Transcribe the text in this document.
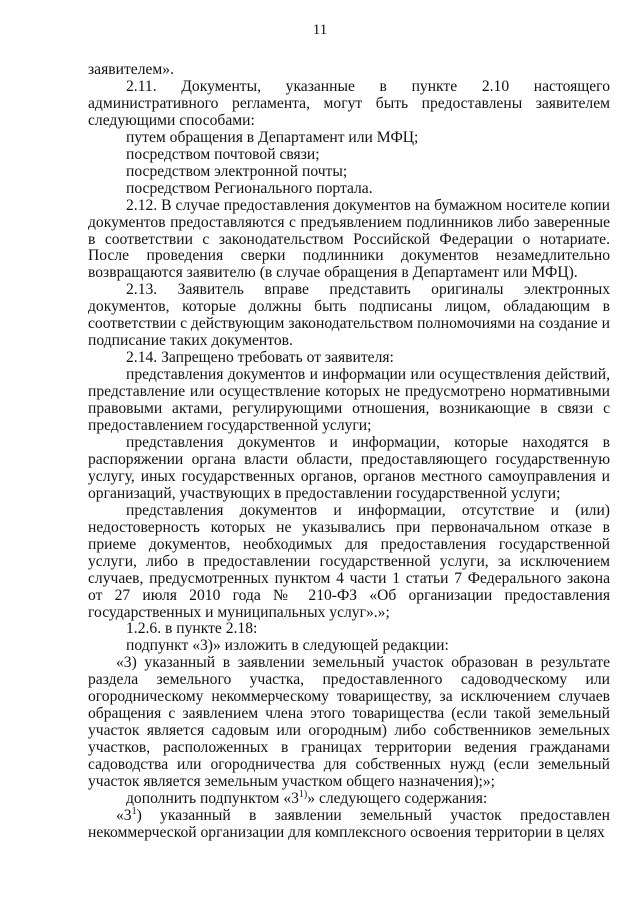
11

заявителем».

2.11. Документы, указанные в пункте 2.10 настоящего административного регламента, могут быть предоставлены заявителем следующими способами:

путем обращения в Департамент или МФЦ;

посредством почтовой связи;

посредством электронной почты;

посредством Регионального портала.

2.12. В случае предоставления документов на бумажном носителе копии документов предоставляются с предъявлением подлинников либо заверенные в соответствии с законодательством Российской Федерации о нотариате. После проведения сверки подлинники документов незамедлительно возвращаются заявителю (в случае обращения в Департамент или МФЦ).

2.13. Заявитель вправе представить оригиналы электронных документов, которые должны быть подписаны лицом, обладающим в соответствии с действующим законодательством полномочиями на создание и подписание таких документов.

2.14. Запрещено требовать от заявителя:

представления документов и информации или осуществления действий, представление или осуществление которых не предусмотрено нормативными правовыми актами, регулирующими отношения, возникающие в связи с предоставлением государственной услуги;

представления документов и информации, которые находятся в распоряжении органа власти области, предоставляющего государственную услугу, иных государственных органов, органов местного самоуправления и организаций, участвующих в предоставлении государственной услуги;

представления документов и информации, отсутствие и (или) недостоверность которых не указывались при первоначальном отказе в приеме документов, необходимых для предоставления государственной услуги, либо в предоставлении государственной услуги, за исключением случаев, предусмотренных пунктом 4 части 1 статьи 7 Федерального закона от 27 июля 2010 года № 210-ФЗ «Об организации предоставления государственных и муниципальных услуг».»;

1.2.6. в пункте 2.18:

подпункт «3)» изложить в следующей редакции:

«3) указанный в заявлении земельный участок образован в результате раздела земельного участка, предоставленного садоводческому или огородническому некоммерческому товариществу, за исключением случаев обращения с заявлением члена этого товарищества (если такой земельный участок является садовым или огородным) либо собственников земельных участков, расположенных в границах территории ведения гражданами садоводства или огородничества для собственных нужд (если земельный участок является земельным участком общего назначения);»;

дополнить подпунктом «3$^{1)}$» следующего содержания:

«$3^1$) указанный в заявлении земельный участок предоставлен некоммерческой организации для комплексного освоения территории в целях
